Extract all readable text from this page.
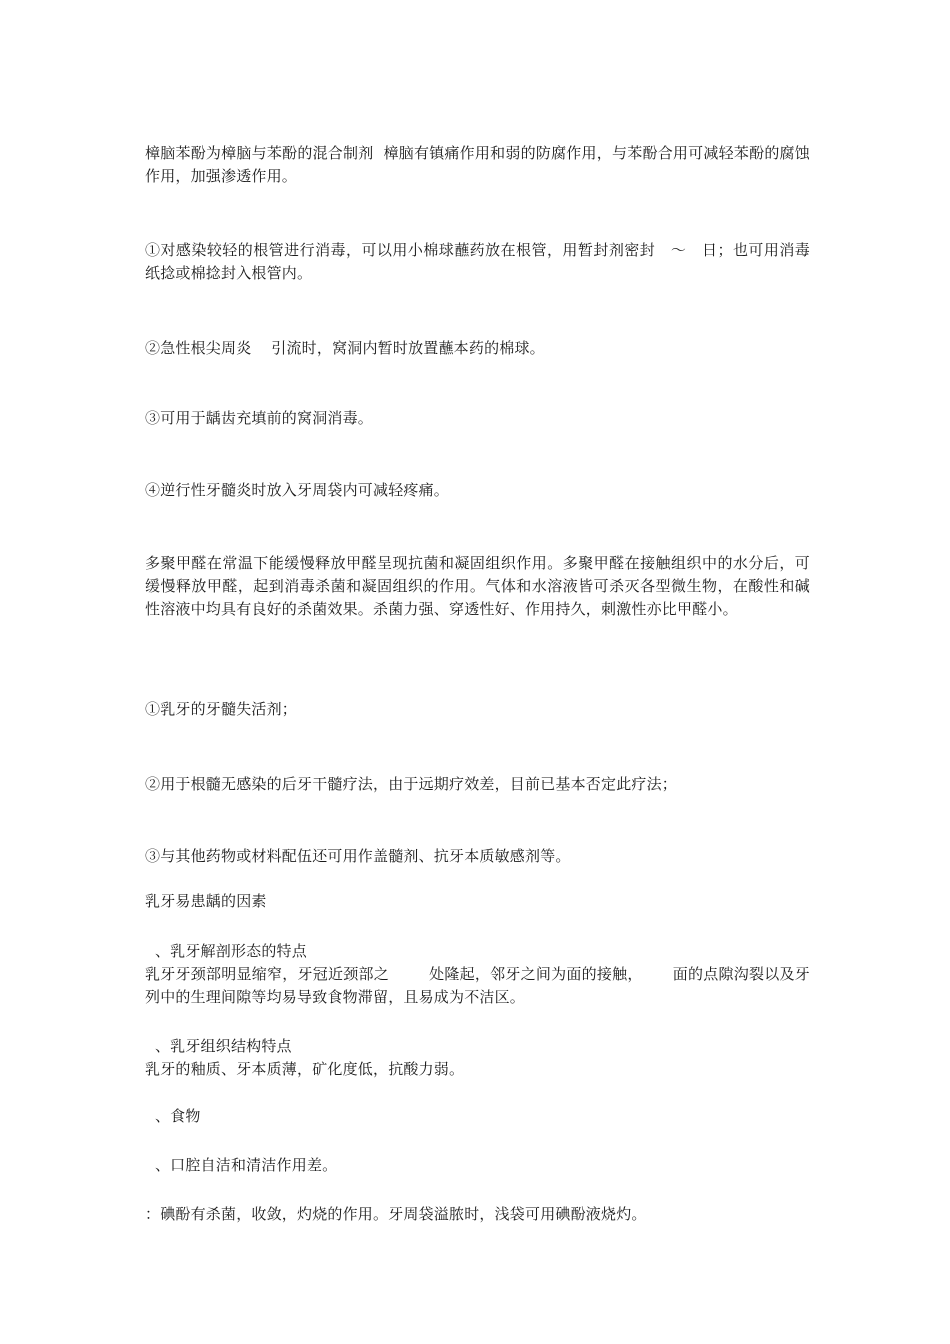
樟脑苯酚为樟脑与苯酚的混合制剂  樟脑有镇痛作用和弱的防腐作用，与苯酚合用可减轻苯酚的腐蚀作用，加强渗透作用。
①对感染较轻的根管进行消毒，可以用小棉球蘸药放在根管，用暂封剂密封   ～   日；也可用消毒纸捻或棉捻封入根管内。
②急性根尖周炎    引流时，窝洞内暂时放置蘸本药的棉球。
③可用于龋齿充填前的窝洞消毒。
④逆行性牙髓炎时放入牙周袋内可减轻疼痛。
多聚甲醛在常温下能缓慢释放甲醛呈现抗菌和凝固组织作用。多聚甲醛在接触组织中的水分后，可缓慢释放甲醛，起到消毒杀菌和凝固组织的作用。气体和水溶液皆可杀灭各型微生物，在酸性和碱性溶液中均具有良好的杀菌效果。杀菌力强、穿透性好、作用持久，刺激性亦比甲醛小。
①乳牙的牙髓失活剂；
②用于根髓无感染的后牙干髓疗法，由于远期疗效差，目前已基本否定此疗法；
③与其他药物或材料配伍还可用作盖髓剂、抗牙本质敏感剂等。
乳牙易患龋的因素
、乳牙解剖形态的特点
乳牙牙颈部明显缩窄，牙冠近颈部之        处隆起，邻牙之间为面的接触，      面的点隙沟裂以及牙列中的生理间隙等均易导致食物滞留，且易成为不洁区。
、乳牙组织结构特点
乳牙的釉质、牙本质薄，矿化度低，抗酸力弱。
、食物
、口腔自洁和清洁作用差。
：碘酚有杀菌，收敛，灼烧的作用。牙周袋溢脓时，浅袋可用碘酚液烧灼。
